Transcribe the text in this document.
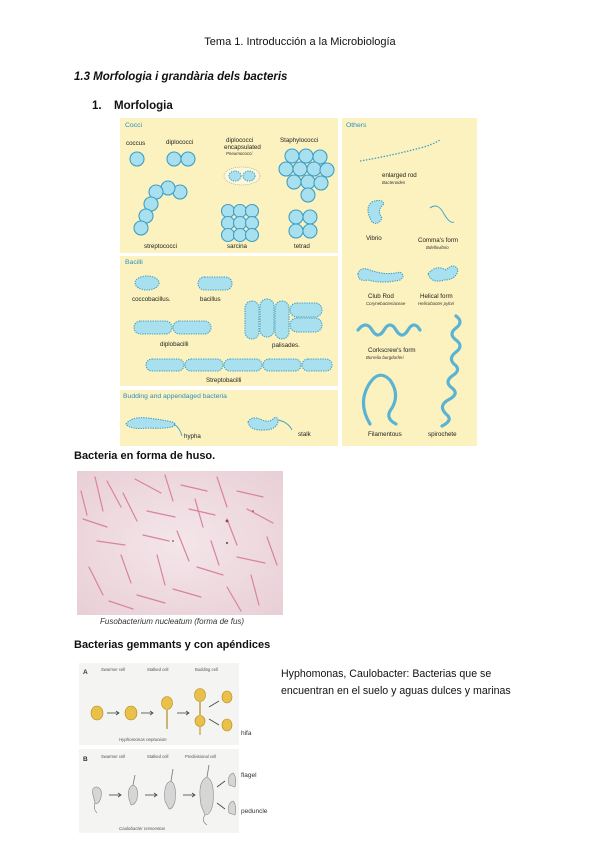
Tema 1. Introducción a la Microbiología
1.3 Morfologia i grandària dels bacteris
1. Morfologia
Cocci
Bacilli
Budding and appendaged bacteria
Others
coccus	diplococci	diplococci
encapsulated
Pneumococci
Staphylococci
streptococci	sarcina	tetrad
coccobacillus.	bacillus
diplobacilli	palisades.
Streptobacilli
hypha	stalk
enlarged rod
Bacteroides
Vibrio	Comma's form
Bdellovibrio
Club Rod
Corynebacteriaceae
Helical form
Helicobacter pylori
Corkscrew's form
Borrelia burgdorferi
Filamentous	spirochete
Bacteria en forma de huso.
Fusobacterium nucleatum (forma de fus)
Bacterias gemmants y con apéndices
Hyphomonas, Caulobacter: Bacterias que se encuentran en el suelo y aguas dulces y marinas
A	Swarmer cell	Stalked cell	Budding cell
Hyphomonas neptunium
hifa
B	Swarmer cell	Stalked cell	Predivisional cell
Caulobacter crescentus
flagel
peduncle
